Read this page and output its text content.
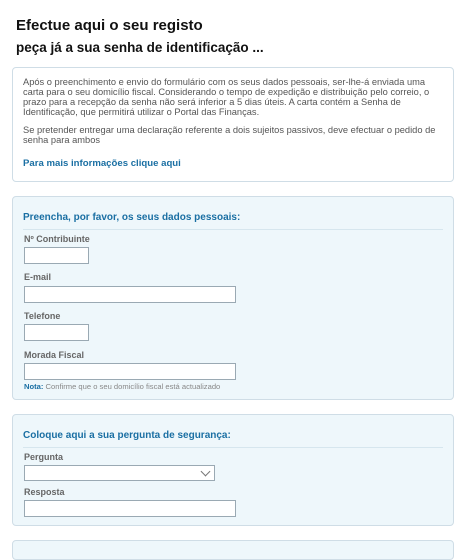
Efectue aqui o seu registo
peça já a sua senha de identificação ...

Após o preenchimento e envio do formulário com os seus dados pessoais, ser-lhe-á enviada uma carta para o seu domicílio fiscal. Considerando o tempo de expedição e distribuição pelo correio, o prazo para a recepção da senha não será inferior a 5 dias úteis. A carta contém a Senha de Identificação, que permitirá utilizar o Portal das Finanças.

Se pretender entregar uma declaração referente a dois sujeitos passivos, deve efectuar o pedido de senha para ambos

Para mais informações clique aqui
Preencha, por favor, os seus dados pessoais:
Nº Contribuinte
E-mail
Telefone
Morada Fiscal
Nota: Confirme que o seu domicílio fiscal está actualizado
Coloque aqui a sua pergunta de segurança:
Pergunta
Resposta
